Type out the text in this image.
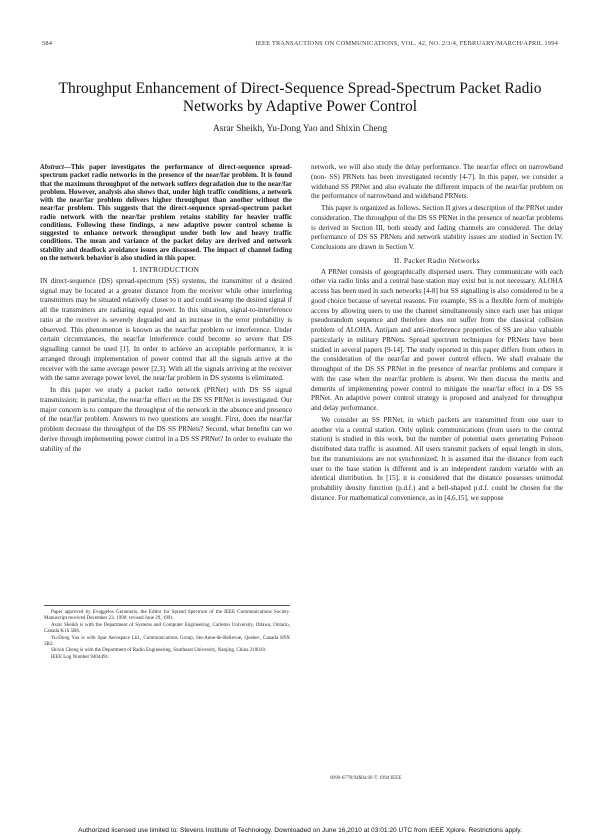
584	IEEE TRANSACTIONS ON COMMUNICATIONS, VOL. 42, NO. 2/3/4, FEBRUARY/MARCH/APRIL 1994
Throughput Enhancement of Direct-Sequence Spread-Spectrum Packet Radio Networks by Adaptive Power Control
Asrar Sheikh, Yu-Dong Yao and Shixin Cheng

Abstract—This paper investigates the performance of direct-sequence spread-spectrum packet radio networks in the presence of the near/far problem. It is found that the maximum throughput of the network suffers degradation due to the near/far problem. However, analysis also shows that, under high traffic conditions, a network with the near/far problem delivers higher throughput than another without the near/far problem. This suggests that the direct-sequence spread-spectrum packet radio network with the near/far problem retains stability for heavier traffic conditions. Following these findings, a new adaptive power control scheme is suggested to enhance network throughput under both low and heavy traffic conditions. The mean and variance of the packet delay are derived and network stability and deadlock avoidance issues are discussed. The impact of channel fading on the network behavior is also studied in this paper.

I. INTRODUCTION

IN direct-sequence (DS) spread-spectrum (SS) systems, the transmitter of a desired signal may be located at a greater distance from the receiver while other interfering transmitters may be situated relatively closer to it and could swamp the desired signal if all the transmitters are radiating equal power. In this situation, signal-to-interference ratio at the receiver is severely degraded and an increase in the error probability is observed. This phenomenon is known as the near/far problem or interference. Under certain circumstances, the near/far interference could become so severe that DS signalling cannot be used [1]. In order to achieve an acceptable performance, it is arranged through implementation of power control that all the signals arrive at the receiver with the same average power [2,3]. With all the signals arriving at the receiver with the same average power level, the near/far problem in DS systems is eliminated.

In this paper we study a packet radio network (PRNet) with DS SS signal transmission; in particular, the near/far effect on the DS SS PRNet is investigated. Our major concern is to compare the throughput of the network in the absence and presence of the near/far problem. Answers to two questions are sought. First, does the near/far problem decrease the throughput of the DS SS PRNets? Second, what benefits can we derive through implementing power control in a DS SS PRNet? In order to evaluate the stability of the

Paper approved by Evaggelos Geraniotis, the Editor for Spread Spectrum of the IEEE Communications Society. Manuscript received December 23, 1990; revised June 29, 1991.

Asrar Sheikh is with the Department of Systems and Computer Engineering, Carleton University, Ottawa, Ontario, Canada K1S 5B6.

Yu-Dong Yao is with Spar Aerospace Ltd., Communications Group, Ste-Anne-de-Bellevue, Quebec, Canada H9X 3R2.

Shixin Cheng is with the Department of Radio Engineering, Southeast University, Nanjing, China 210018.

IEEE Log Number 9404491.

network, we will also study the delay performance. The near/far effect on narrowband (non- SS) PRNets has been investigated recently [4-7]. In this paper, we consider a wideband SS PRNet and also evaluate the different impacts of the near/far problem on the performance of narrowband and wideband PRNets.

This paper is organized as follows. Section II gives a description of the PRNet under consideration. The throughput of the DS SS PRNet in the presence of near/far problems is derived in Section III, both steady and fading channels are considered. The delay performance of DS SS PRNets and network stability issues are studied in Section IV. Conclusions are drawn in Section V.

II. Packet Radio Networks

A PRNet consists of geographically dispersed users. They communicate with each other via radio links and a central base station may exist but is not necessary. ALOHA access has been used in such networks [4-8] but SS signalling is also considered to be a good choice because of several reasons. For example, SS is a flexible form of multiple access by allowing users to use the channel simultaneously since each user has unique pseudorandom sequence and therefore does not suffer from the classical collision problem of ALOHA. Antijam and anti-interference properties of SS are also valuable particularly in military PRNets. Spread spectrum techniques for PRNets have been studied in several papers [9-14]. The study reported in this paper differs from others in the consideration of the near/far and power control effects. We shall evaluate the throughput of the DS SS PRNet in the presence of near/far problems and compare it with the case when the near/far problem is absent. We then discuss the merits and demerits of implementing power control to mitigate the near/far effect in a DS SS PRNet. An adaptive power control strategy is proposed and analyzed for throughput and delay performance.

We consider an SS PRNet, in which packets are transmitted from one user to another via a central station. Only uplink communications (from users to the central station) is studied in this work, but the number of potential users generating Poisson distributed data traffic is assumed. All users transmit packets of equal length in slots, but the transmissions are not synchronized. It is assumed that the distance from each user to the base station is different and is an independent random variable with an identical distribution. In [15], it is considered that the distance possesses unimodal probability density function (p.d.f.) and a bell-shaped p.d.f. could be chosen for the distance. For mathematical convenience, as in [4,6,15], we suppose

0090-6778/94$04.00 © 1994 IEEE
Authorized licensed use limited to: Stevens Institute of Technology. Downloaded on June 16,2010 at 03:01:20 UTC from IEEE Xplore. Restrictions apply.
